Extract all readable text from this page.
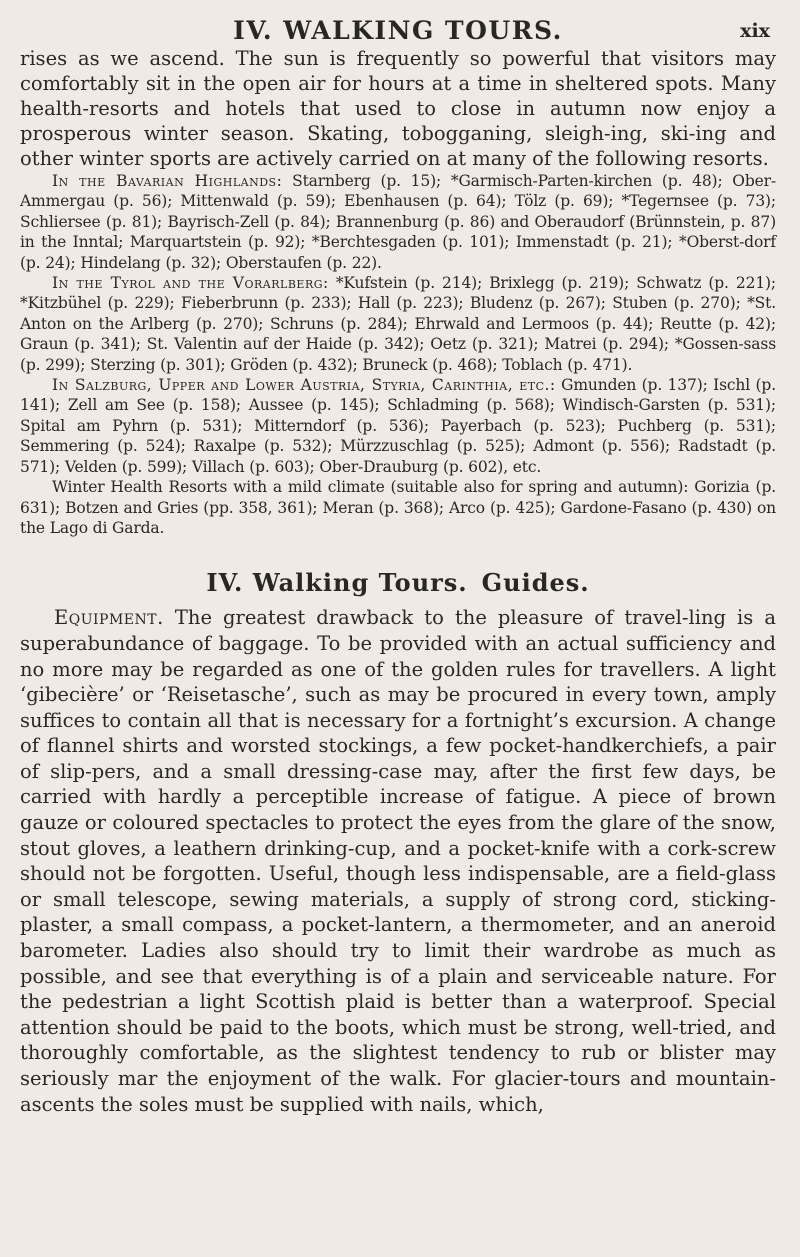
IV. WALKING TOURS.	xix

rises as we ascend. The sun is frequently so powerful that visitors may comfortably sit in the open air for hours at a time in sheltered spots. Many health-resorts and hotels that used to close in autumn now enjoy a prosperous winter season. Skating, tobogganing, sleigh-ing, ski-ing and other winter sports are actively carried on at many of the following resorts.

In the Bavarian Highlands: Starnberg (p. 15); *Garmisch-Parten-kirchen (p. 48); Ober-Ammergau (p. 56); Mittenwald (p. 59); Ebenhausen (p. 64); Tölz (p. 69); *Tegernsee (p. 73); Schliersee (p. 81); Bayrisch-Zell (p. 84); Brannenburg (p. 86) and Oberaudorf (Brünnstein, p. 87) in the Inntal; Marquartstein (p. 92); *Berchtesgaden (p. 101); Immenstadt (p. 21); *Oberst-dorf (p. 24); Hindelang (p. 32); Oberstaufen (p. 22).

In the Tyrol and the Vorarlberg: *Kufstein (p. 214); Brixlegg (p. 219); Schwatz (p. 221); *Kitzbühel (p. 229); Fieberbrunn (p. 233); Hall (p. 223); Bludenz (p. 267); Stuben (p. 270); *St. Anton on the Arlberg (p. 270); Schruns (p. 284); Ehrwald and Lermoos (p. 44); Reutte (p. 42); Graun (p. 341); St. Valentin auf der Haide (p. 342); Oetz (p. 321); Matrei (p. 294); *Gossen-sass (p. 299); Sterzing (p. 301); Gröden (p. 432); Bruneck (p. 468); Toblach (p. 471).

In Salzburg, Upper and Lower Austria, Styria, Carinthia, etc.: Gmunden (p. 137); Ischl (p. 141); Zell am See (p. 158); Aussee (p. 145); Schladming (p. 568); Windisch-Garsten (p. 531); Spital am Pyhrn (p. 531); Mitterndorf (p. 536); Payerbach (p. 523); Puchberg (p. 531); Semmering (p. 524); Raxalpe (p. 532); Mürzzuschlag (p. 525); Admont (p. 556); Radstadt (p. 571); Velden (p. 599); Villach (p. 603); Ober-Drauburg (p. 602), etc.

Winter Health Resorts with a mild climate (suitable also for spring and autumn): Gorizia (p. 631); Botzen and Gries (pp. 358, 361); Meran (p. 368); Arco (p. 425); Gardone-Fasano (p. 430) on the Lago di Garda.

IV. Walking Tours. Guides.

Equipment. The greatest drawback to the pleasure of travel-ling is a superabundance of baggage. To be provided with an actual sufficiency and no more may be regarded as one of the golden rules for travellers. A light ‘gibecière’ or ‘Reisetasche’, such as may be procured in every town, amply suffices to contain all that is necessary for a fortnight’s excursion. A change of flannel shirts and worsted stockings, a few pocket-handkerchiefs, a pair of slip-pers, and a small dressing-case may, after the first few days, be carried with hardly a perceptible increase of fatigue. A piece of brown gauze or coloured spectacles to protect the eyes from the glare of the snow, stout gloves, a leathern drinking-cup, and a pocket-knife with a cork-screw should not be forgotten. Useful, though less indispensable, are a field-glass or small telescope, sewing materials, a supply of strong cord, sticking-plaster, a small compass, a pocket-lantern, a thermometer, and an aneroid barometer. Ladies also should try to limit their wardrobe as much as possible, and see that everything is of a plain and serviceable nature. For the pedestrian a light Scottish plaid is better than a waterproof. Special attention should be paid to the boots, which must be strong, well-tried, and thoroughly comfortable, as the slightest tendency to rub or blister may seriously mar the enjoyment of the walk. For glacier-tours and mountain-ascents the soles must be supplied with nails, which,
